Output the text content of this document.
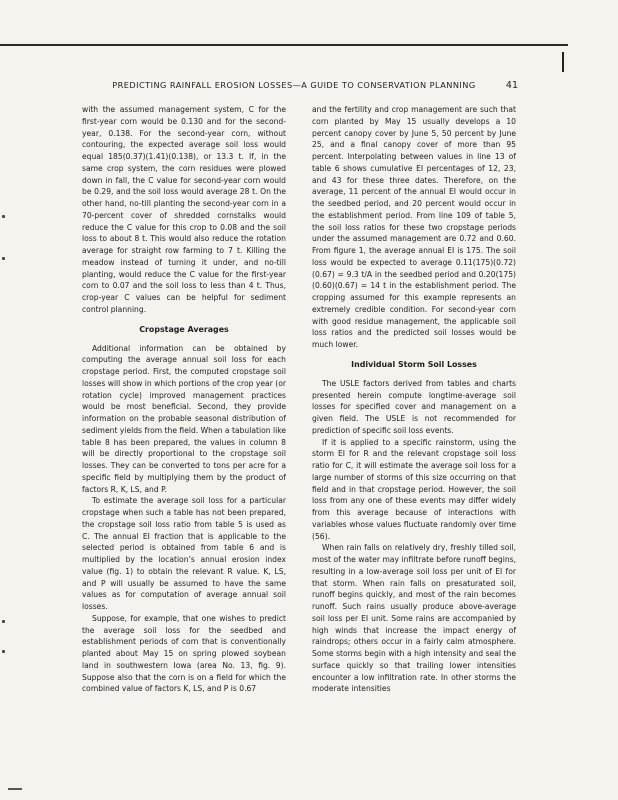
PREDICTING RAINFALL EROSION LOSSES—A GUIDE TO CONSERVATION PLANNING	41

with the assumed management system, C for the first-year corn would be 0.130 and for the second-year, 0.138. For the second-year corn, without contouring, the expected average soil loss would equal 185(0.37)(1.41)(0.138), or 13.3 t. If, in the same crop system, the corn residues were plowed down in fall, the C value for second-year corn would be 0.29, and the soil loss would average 28 t. On the other hand, no-till planting the second-year corn in a 70-percent cover of shredded cornstalks would reduce the C value for this crop to 0.08 and the soil loss to about 8 t. This would also reduce the rotation average for straight row farming to 7 t. Killing the meadow instead of turning it under, and no-till planting, would reduce the C value for the first-year corn to 0.07 and the soil loss to less than 4 t. Thus, crop-year C values can be helpful for sediment control planning.

Cropstage Averages

Additional information can be obtained by computing the average annual soil loss for each cropstage period. First, the computed cropstage soil losses will show in which portions of the crop year (or rotation cycle) improved management practices would be most beneficial. Second, they provide information on the probable seasonal distribution of sediment yields from the field. When a tabulation like table 8 has been prepared, the values in column 8 will be directly proportional to the cropstage soil losses. They can be converted to tons per acre for a specific field by multiplying them by the product of factors R, K, LS, and P.

To estimate the average soil loss for a particular cropstage when such a table has not been prepared, the cropstage soil loss ratio from table 5 is used as C. The annual EI fraction that is applicable to the selected period is obtained from table 6 and is multiplied by the location’s annual erosion index value (fig. 1) to obtain the relevant R value. K, LS, and P will usually be assumed to have the same values as for computation of average annual soil losses.

Suppose, for example, that one wishes to predict the average soil loss for the seedbed and establishment periods of corn that is conventionally planted about May 15 on spring plowed soybean land in southwestern Iowa (area No. 13, fig. 9). Suppose also that the corn is on a field for which the combined value of factors K, LS, and P is 0.67

and the fertility and crop management are such that corn planted by May 15 usually develops a 10 percent canopy cover by June 5, 50 percent by June 25, and a final canopy cover of more than 95 percent. Interpolating between values in line 13 of table 6 shows cumulative EI percentages of 12, 23, and 43 for these three dates. Therefore, on the average, 11 percent of the annual EI would occur in the seedbed period, and 20 percent would occur in the establishment period. From line 109 of table 5, the soil loss ratios for these two cropstage periods under the assumed management are 0.72 and 0.60. From figure 1, the average annual EI is 175. The soil loss would be expected to average 0.11(175)(0.72)(0.67) = 9.3 t/A in the seedbed period and 0.20(175)(0.60)(0.67) = 14 t in the establishment period. The cropping assumed for this example represents an extremely credible condition. For second-year corn with good residue management, the applicable soil loss ratios and the predicted soil losses would be much lower.

Individual Storm Soil Losses

The USLE factors derived from tables and charts presented herein compute longtime-average soil losses for specified cover and management on a given field. The USLE is not recommended for prediction of specific soil loss events.

If it is applied to a specific rainstorm, using the storm EI for R and the relevant cropstage soil loss ratio for C, it will estimate the average soil loss for a large number of storms of this size occurring on that field and in that cropstage period. However, the soil loss from any one of these events may differ widely from this average because of interactions with variables whose values fluctuate randomly over time (56).

When rain falls on relatively dry, freshly tilled soil, most of the water may infiltrate before runoff begins, resulting in a low-average soil loss per unit of EI for that storm. When rain falls on presaturated soil, runoff begins quickly, and most of the rain becomes runoff. Such rains usually produce above-average soil loss per EI unit. Some rains are accompanied by high winds that increase the impact energy of raindrops; others occur in a fairly calm atmosphere. Some storms begin with a high intensity and seal the surface quickly so that trailing lower intensities encounter a low infiltration rate. In other storms the moderate intensities
